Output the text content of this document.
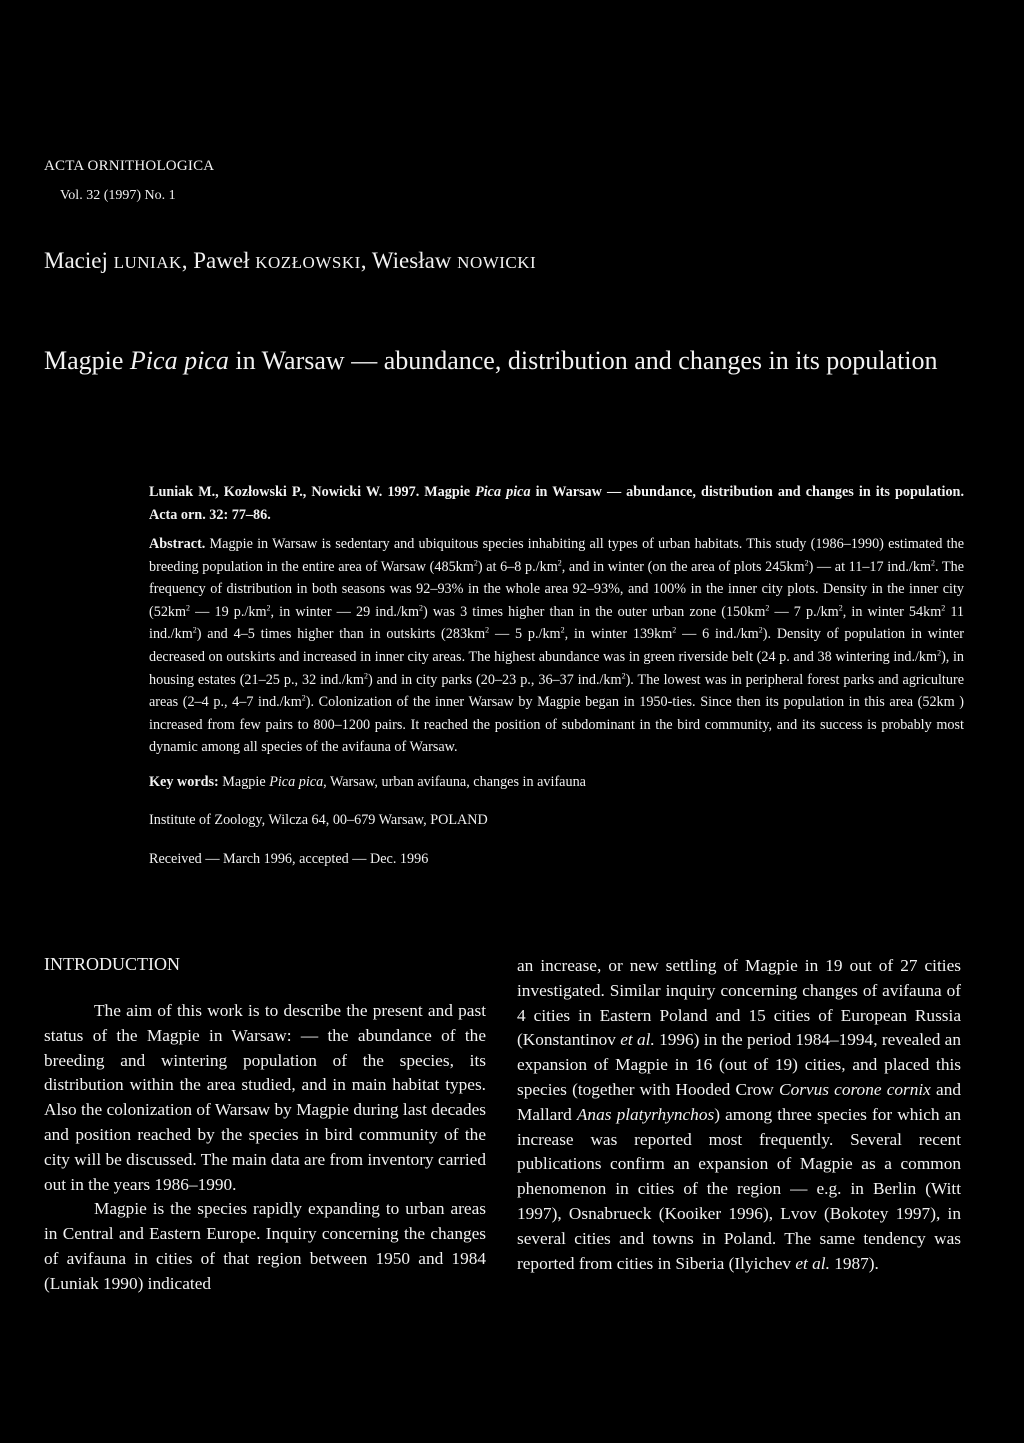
ACTA ORNITHOLOGICA
Vol. 32 (1997) No. 1
Maciej LUNIAK, Paweł KOZŁOWSKI, Wiesław NOWICKI
Magpie Pica pica in Warsaw — abundance, distribution and changes in its population
Luniak M., Kozłowski P., Nowicki W. 1997. Magpie Pica pica in Warsaw — abundance, distribution and changes in its population. Acta orn. 32: 77–86.
Abstract. Magpie in Warsaw is sedentary and ubiquitous species inhabiting all types of urban habitats. This study (1986–1990) estimated the breeding population in the entire area of Warsaw $(485km^2)$ at 6–8 $p./km^2$, and in winter (on the area of plots $245km^2$) — at 11–17 $ind./km^2$. The frequency of distribution in both seasons was 92–93% in the whole area 92–93%, and 100% in the inner city plots. Density in the inner city ($52km^2$ — 19 $p./km^2$, in winter — 29 $ind./km^2$) was 3 times higher than in the outer urban zone ($150km^2$ — 7 $p./km^2$, in winter $54km^2$ 11 $ind./km^2$) and 4–5 times higher than in outskirts ($283km^2$ — 5 $p./km^2$, in winter $139km^2$ — 6 $ind./km^2$). Density of population in winter decreased on outskirts and increased in inner city areas. The highest abundance was in green riverside belt (24 p. and 38 wintering $ind./km^2$), in housing estates (21–25 p., 32 $ind./km^2$) and in city parks (20–23 p., 36–37 $ind./km^2$). The lowest was in peripheral forest parks and agriculture areas (2–4 p., 4–7 $ind./km^2$). Colonization of the inner Warsaw by Magpie began in 1950-ties. Since then its population in this area (52km ) increased from few pairs to 800–1200 pairs. It reached the position of subdominant in the bird community, and its success is probably most dynamic among all species of the avifauna of Warsaw.
Key words: Magpie Pica pica, Warsaw, urban avifauna, changes in avifauna
Institute of Zoology, Wilcza 64, 00–679 Warsaw, POLAND
Received — March 1996, accepted — Dec. 1996
INTRODUCTION

The aim of this work is to describe the present and past status of the Magpie in Warsaw: — the abundance of the breeding and wintering population of the species, its distribution within the area studied, and in main habitat types. Also the colonization of Warsaw by Magpie during last decades and position reached by the species in bird community of the city will be discussed. The main data are from inventory carried out in the years 1986–1990.

Magpie is the species rapidly expanding to urban areas in Central and Eastern Europe. Inquiry concerning the changes of avifauna in cities of that region between 1950 and 1984 (Luniak 1990) indicated

an increase, or new settling of Magpie in 19 out of 27 cities investigated. Similar inquiry concerning changes of avifauna of 4 cities in Eastern Poland and 15 cities of European Russia (Konstantinov et al. 1996) in the period 1984–1994, revealed an expansion of Magpie in 16 (out of 19) cities, and placed this species (together with Hooded Crow Corvus corone cornix and Mallard Anas platyrhynchos) among three species for which an increase was reported most frequently. Several recent publications confirm an expansion of Magpie as a common phenomenon in cities of the region — e.g. in Berlin (Witt 1997), Osnabrueck (Kooiker 1996), Lvov (Bokotey 1997), in several cities and towns in Poland. The same tendency was reported from cities in Siberia (Ilyichev et al. 1987).
